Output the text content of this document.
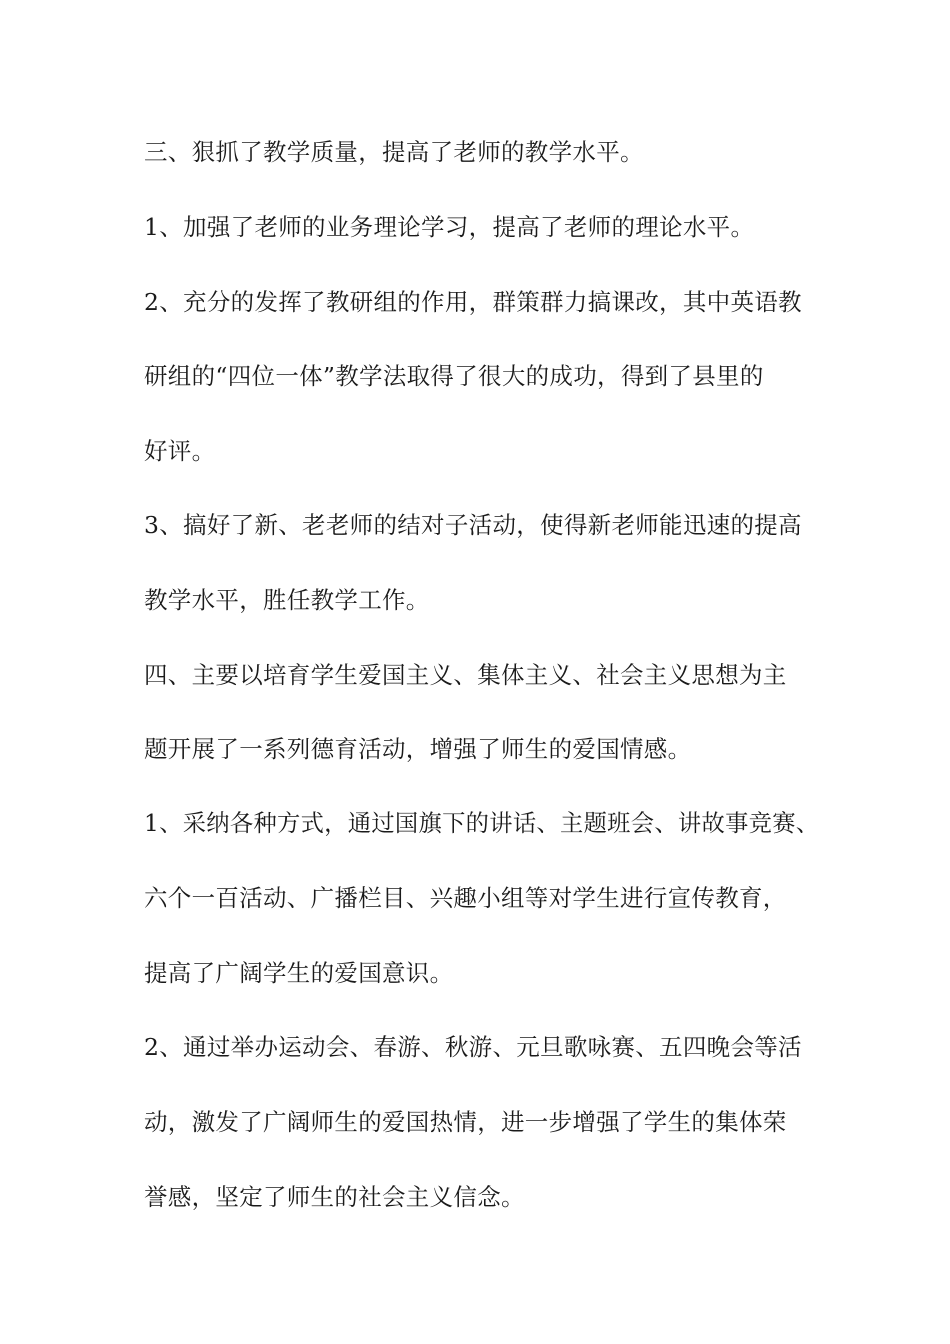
三、狠抓了教学质量，提高了老师的教学水平。
1、加强了老师的业务理论学习，提高了老师的理论水平。
2、充分的发挥了教研组的作用，群策群力搞课改，其中英语教
研组的“四位一体”教学法取得了很大的成功，得到了县里的
好评。
3、搞好了新、老老师的结对子活动，使得新老师能迅速的提高
教学水平，胜任教学工作。
四、主要以培育学生爱国主义、集体主义、社会主义思想为主
题开展了一系列德育活动，增强了师生的爱国情感。
1、采纳各种方式，通过国旗下的讲话、主题班会、讲故事竞赛、
六个一百活动、广播栏目、兴趣小组等对学生进行宣传教育，
提高了广阔学生的爱国意识。
2、通过举办运动会、春游、秋游、元旦歌咏赛、五四晚会等活
动，激发了广阔师生的爱国热情，进一步增强了学生的集体荣
誉感，坚定了师生的社会主义信念。
